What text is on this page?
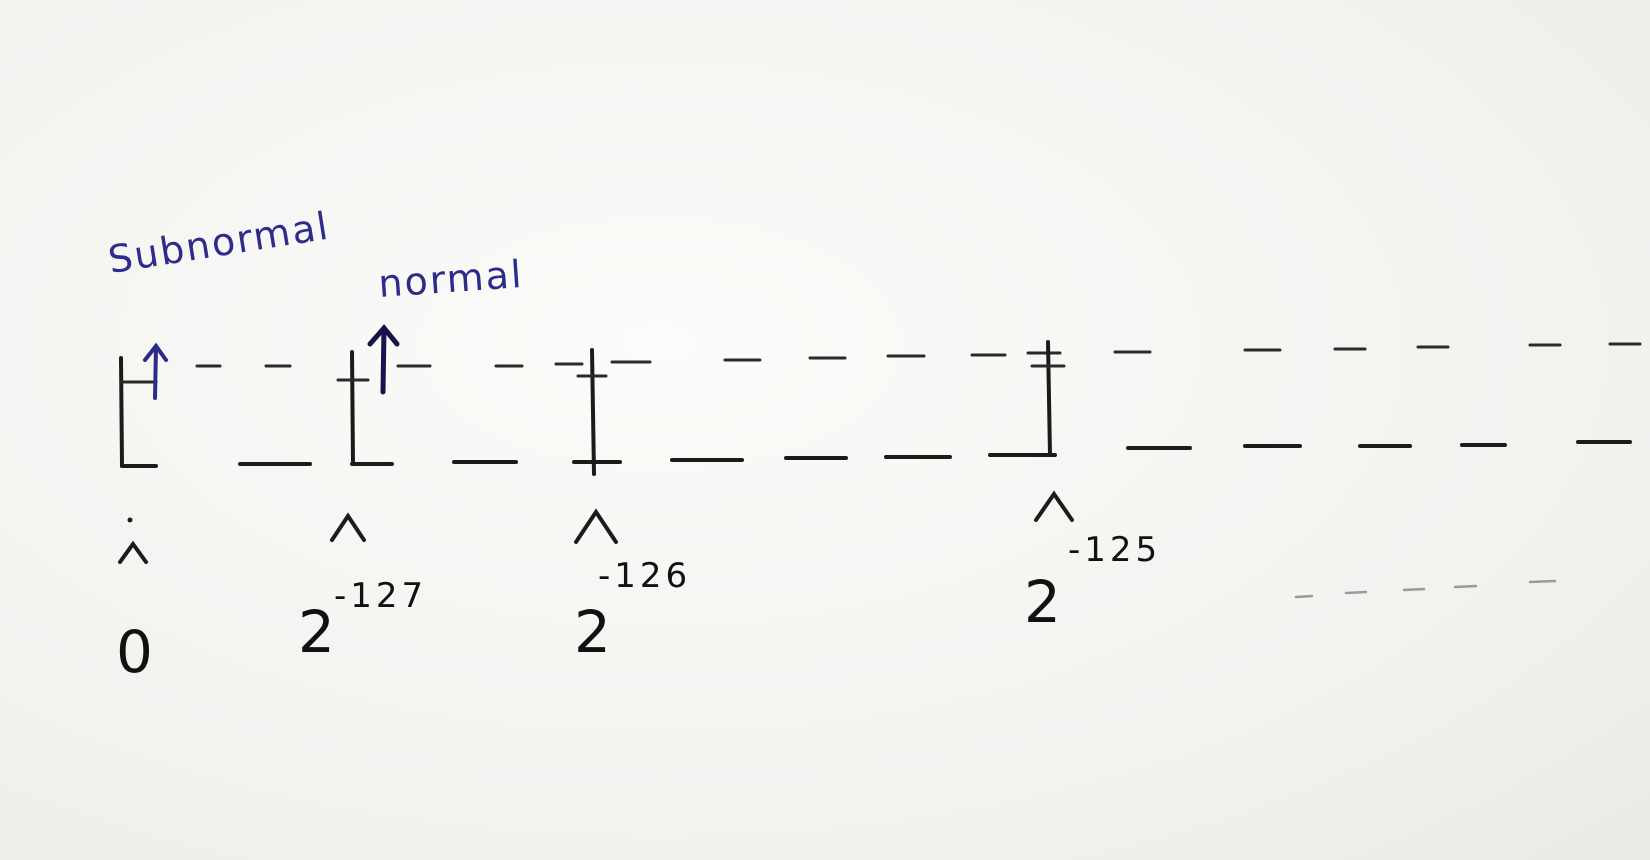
Subnormal normal
0	2
-127
2
-126	2
-125
